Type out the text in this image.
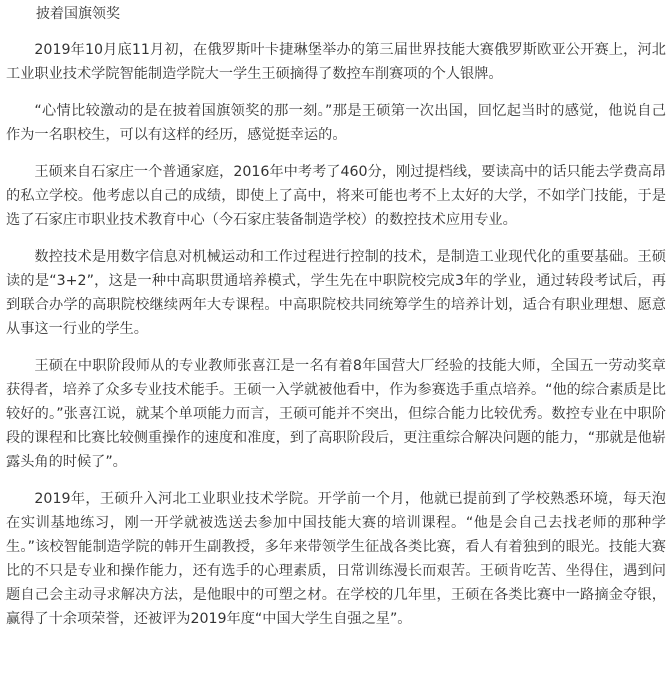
披着国旗领奖

2019年10月底11月初，在俄罗斯叶卡捷琳堡举办的第三届世界技能大赛俄罗斯欧亚公开赛上，河北工业职业技术学院智能制造学院大一学生王硕摘得了数控车削赛项的个人银牌。

“心情比较激动的是在披着国旗领奖的那一刻。”那是王硕第一次出国，回忆起当时的感觉，他说自己作为一名职校生，可以有这样的经历，感觉挺幸运的。

王硕来自石家庄一个普通家庭，2016年中考考了460分，刚过提档线，要读高中的话只能去学费高昂的私立学校。他考虑以自己的成绩，即使上了高中，将来可能也考不上太好的大学，不如学门技能，于是选了石家庄市职业技术教育中心（今石家庄装备制造学校）的数控技术应用专业。

数控技术是用数字信息对机械运动和工作过程进行控制的技术，是制造工业现代化的重要基础。王硕读的是“3+2”，这是一种中高职贯通培养模式，学生先在中职院校完成3年的学业，通过转段考试后，再到联合办学的高职院校继续两年大专课程。中高职院校共同统筹学生的培养计划，适合有职业理想、愿意从事这一行业的学生。

王硕在中职阶段师从的专业教师张喜江是一名有着8年国营大厂经验的技能大师，全国五一劳动奖章获得者，培养了众多专业技术能手。王硕一入学就被他看中，作为参赛选手重点培养。“他的综合素质是比较好的。”张喜江说，就某个单项能力而言，王硕可能并不突出，但综合能力比较优秀。数控专业在中职阶段的课程和比赛比较侧重操作的速度和准度，到了高职阶段后，更注重综合解决问题的能力，“那就是他崭露头角的时候了”。

2019年，王硕升入河北工业职业技术学院。开学前一个月，他就已提前到了学校熟悉环境，每天泡在实训基地练习，刚一开学就被选送去参加中国技能大赛的培训课程。“他是会自己去找老师的那种学生。”该校智能制造学院的韩开生副教授，多年来带领学生征战各类比赛，看人有着独到的眼光。技能大赛比的不只是专业和操作能力，还有选手的心理素质，日常训练漫长而艰苦。王硕肯吃苦、坐得住，遇到问题自己会主动寻求解决方法，是他眼中的可塑之材。在学校的几年里，王硕在各类比赛中一路摘金夺银，赢得了十余项荣誉，还被评为2019年度“中国大学生自强之星”。
